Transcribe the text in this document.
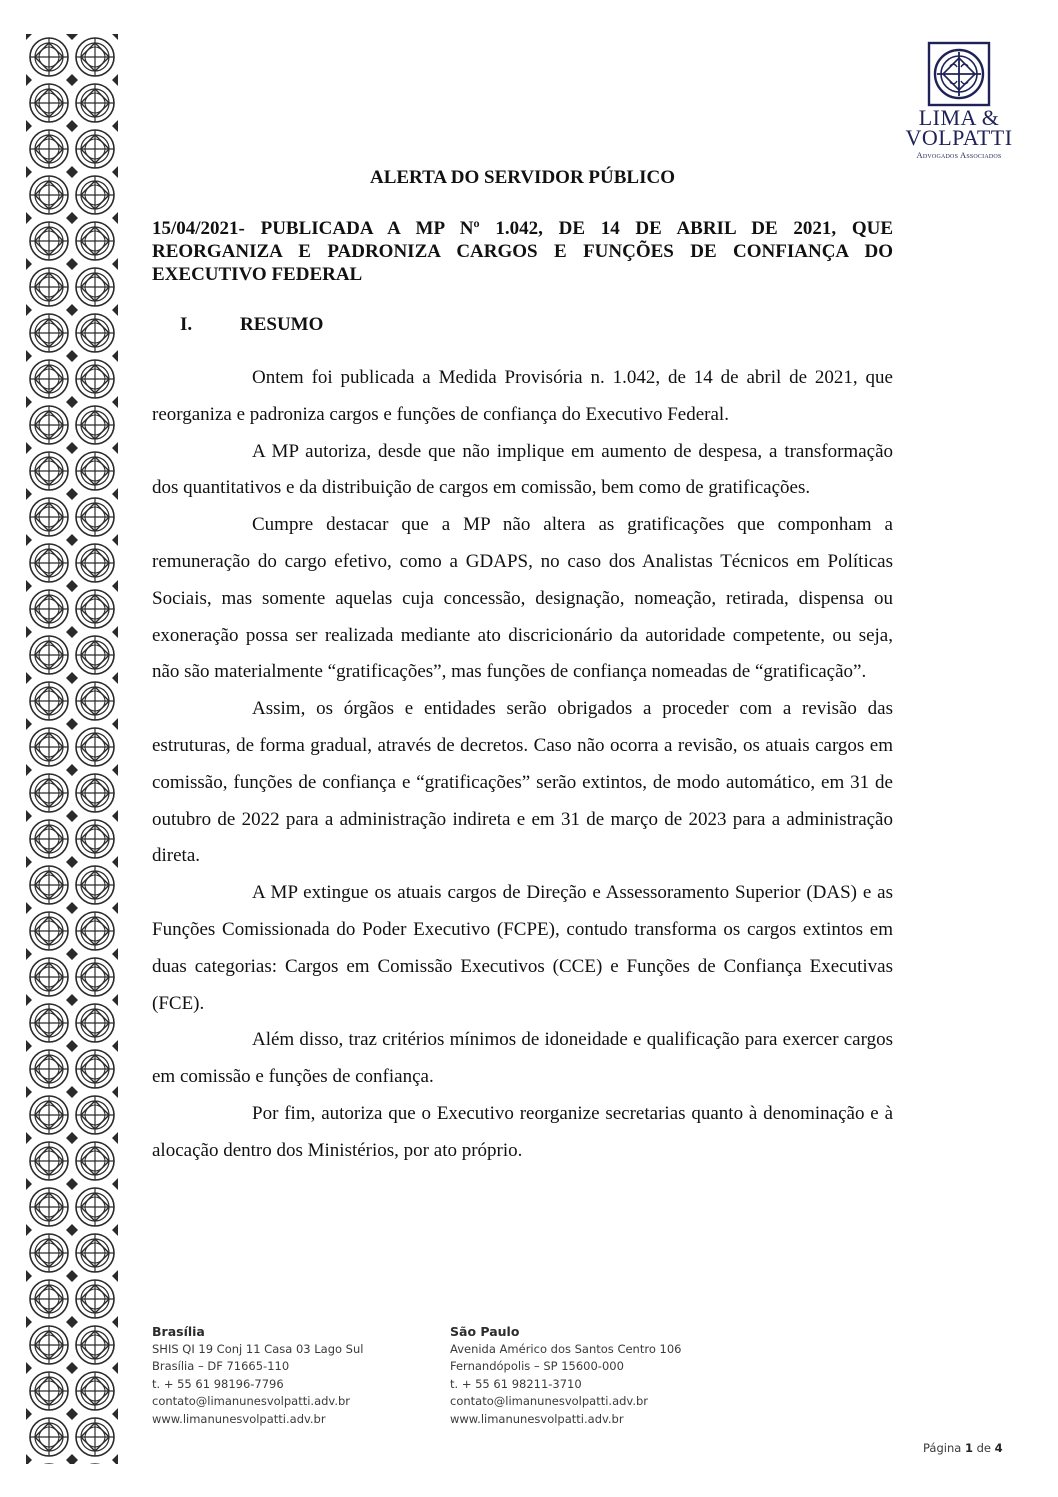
LIMA &
VOLPATTI
Advogados Associados
ALERTA DO SERVIDOR PÚBLICO
15/04/2021- PUBLICADA A MP Nº 1.042, DE 14 DE ABRIL DE 2021, QUE REORGANIZA E PADRONIZA CARGOS E FUNÇÕES DE CONFIANÇA DO EXECUTIVO FEDERAL
I.	RESUMO

Ontem foi publicada a Medida Provisória n. 1.042, de 14 de abril de 2021, que reorganiza e padroniza cargos e funções de confiança do Executivo Federal.

A MP autoriza, desde que não implique em aumento de despesa, a transformação dos quantitativos e da distribuição de cargos em comissão, bem como de gratificações.

Cumpre destacar que a MP não altera as gratificações que componham a remuneração do cargo efetivo, como a GDAPS, no caso dos Analistas Técnicos em Políticas Sociais, mas somente aquelas cuja concessão, designação, nomeação, retirada, dispensa ou exoneração possa ser realizada mediante ato discricionário da autoridade competente, ou seja, não são materialmente “gratificações”, mas funções de confiança nomeadas de “gratificação”.

Assim, os órgãos e entidades serão obrigados a proceder com a revisão das estruturas, de forma gradual, através de decretos. Caso não ocorra a revisão, os atuais cargos em comissão, funções de confiança e “gratificações” serão extintos, de modo automático, em 31 de outubro de 2022 para a administração indireta e em 31 de março de 2023 para a administração direta.

A MP extingue os atuais cargos de Direção e Assessoramento Superior (DAS) e as Funções Comissionada do Poder Executivo (FCPE), contudo transforma os cargos extintos em duas categorias: Cargos em Comissão Executivos (CCE) e Funções de Confiança Executivas (FCE).

Além disso, traz critérios mínimos de idoneidade e qualificação para exercer cargos em comissão e funções de confiança.

Por fim, autoriza que o Executivo reorganize secretarias quanto à denominação e à alocação dentro dos Ministérios, por ato próprio.

Brasília
SHIS QI 19 Conj 11 Casa 03 Lago Sul
Brasília – DF 71665-110
t. + 55 61 98196-7796
contato@limanunesvolpatti.adv.br
www.limanunesvolpatti.adv.br
São Paulo
Avenida Américo dos Santos Centro 106
Fernandópolis – SP 15600-000
t. + 55 61 98211-3710
contato@limanunesvolpatti.adv.br
www.limanunesvolpatti.adv.br
Página 1 de 4
